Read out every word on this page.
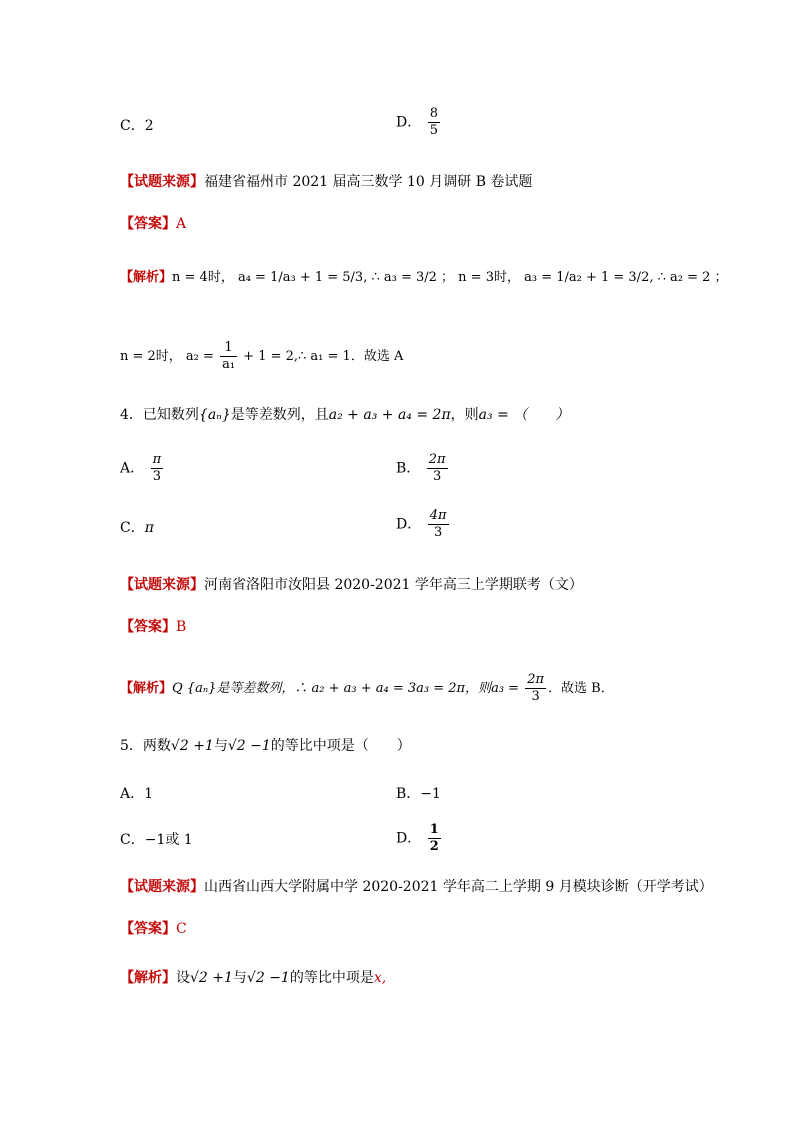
C．2	D． $\frac{8}{5}$
【试题来源】福建省福州市 2021 届高三数学 10 月调研 B 卷试题
【答案】A
【解析】n = 4时， a₄ = 1/a₃ + 1 = 5/3, ∴ a₃ = 3/2 ； n = 3时， a₃ = 1/a₂ + 1 = 3/2, ∴ a₂ = 2 ；
n = 2时， $a_2 = \frac{1}{\text{a₁}} + 1$ = 2,∴ a₁ = 1．故选 A
4．已知数列{aₙ}是等差数列，且a₂ + a₃ + a₄ = 2π，则a₃ = （　　）
A． $\frac{\pi}{3}$	B． $\frac{2\pi}{3}$
C．π	D． $\frac{4\pi}{3}$
【试题来源】河南省洛阳市汝阳县 2020-2021 学年高三上学期联考（文）
【答案】B
【解析】Q {aₙ}是等差数列，∴ a₂ + a₃ + a₄ = 3a₃ = 2π，则$a_3 = \frac{2\pi}{3}$ ．故选 B．
5．两数√2 +1与√2 −1的等比中项是（　　）
A．1	B．−1
C．−1或 1	D． $\frac{1}{2}$
【试题来源】山西省山西大学附属中学 2020-2021 学年高二上学期 9 月模块诊断（开学考试）
【答案】C
【解析】设√2 +1与√2 −1的等比中项是x,
